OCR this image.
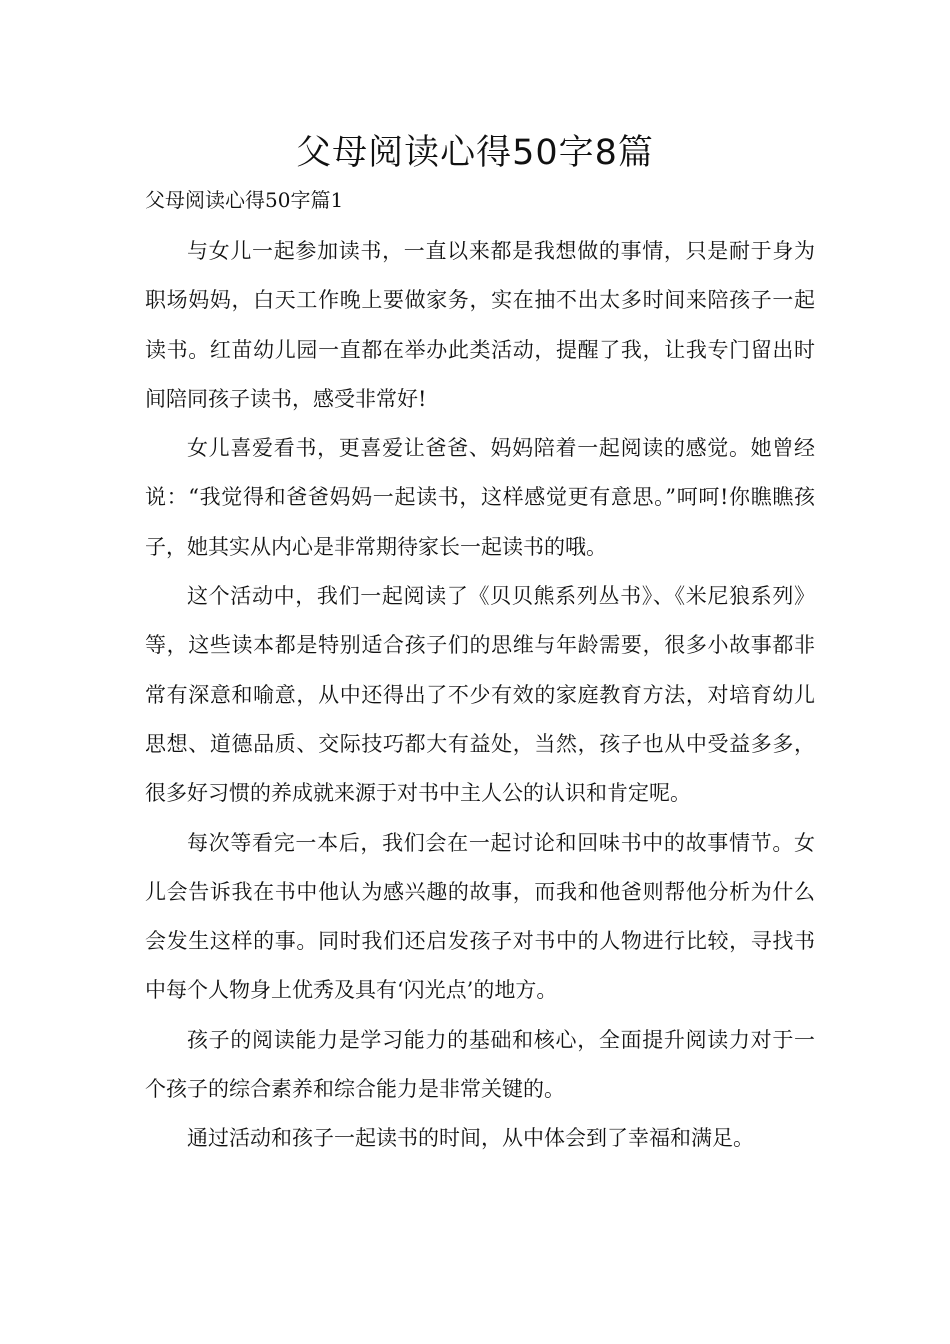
父母阅读心得50字8篇
父母阅读心得50字篇1

与女儿一起参加读书，一直以来都是我想做的事情，只是耐于身为职场妈妈，白天工作晚上要做家务，实在抽不出太多时间来陪孩子一起读书。红苗幼儿园一直都在举办此类活动，提醒了我，让我专门留出时间陪同孩子读书，感受非常好!

女儿喜爱看书，更喜爱让爸爸、妈妈陪着一起阅读的感觉。她曾经说：“我觉得和爸爸妈妈一起读书，这样感觉更有意思。”呵呵!你瞧瞧孩子，她其实从内心是非常期待家长一起读书的哦。

这个活动中，我们一起阅读了《贝贝熊系列丛书》、《米尼狼系列》等，这些读本都是特别适合孩子们的思维与年龄需要，很多小故事都非常有深意和喻意，从中还得出了不少有效的家庭教育方法，对培育幼儿思想、道德品质、交际技巧都大有益处，当然，孩子也从中受益多多，很多好习惯的养成就来源于对书中主人公的认识和肯定呢。

每次等看完一本后，我们会在一起讨论和回味书中的故事情节。女儿会告诉我在书中他认为感兴趣的故事，而我和他爸则帮他分析为什么会发生这样的事。同时我们还启发孩子对书中的人物进行比较，寻找书中每个人物身上优秀及具有‘闪光点’的地方。

孩子的阅读能力是学习能力的基础和核心，全面提升阅读力对于一个孩子的综合素养和综合能力是非常关键的。

通过活动和孩子一起读书的时间，从中体会到了幸福和满足。
